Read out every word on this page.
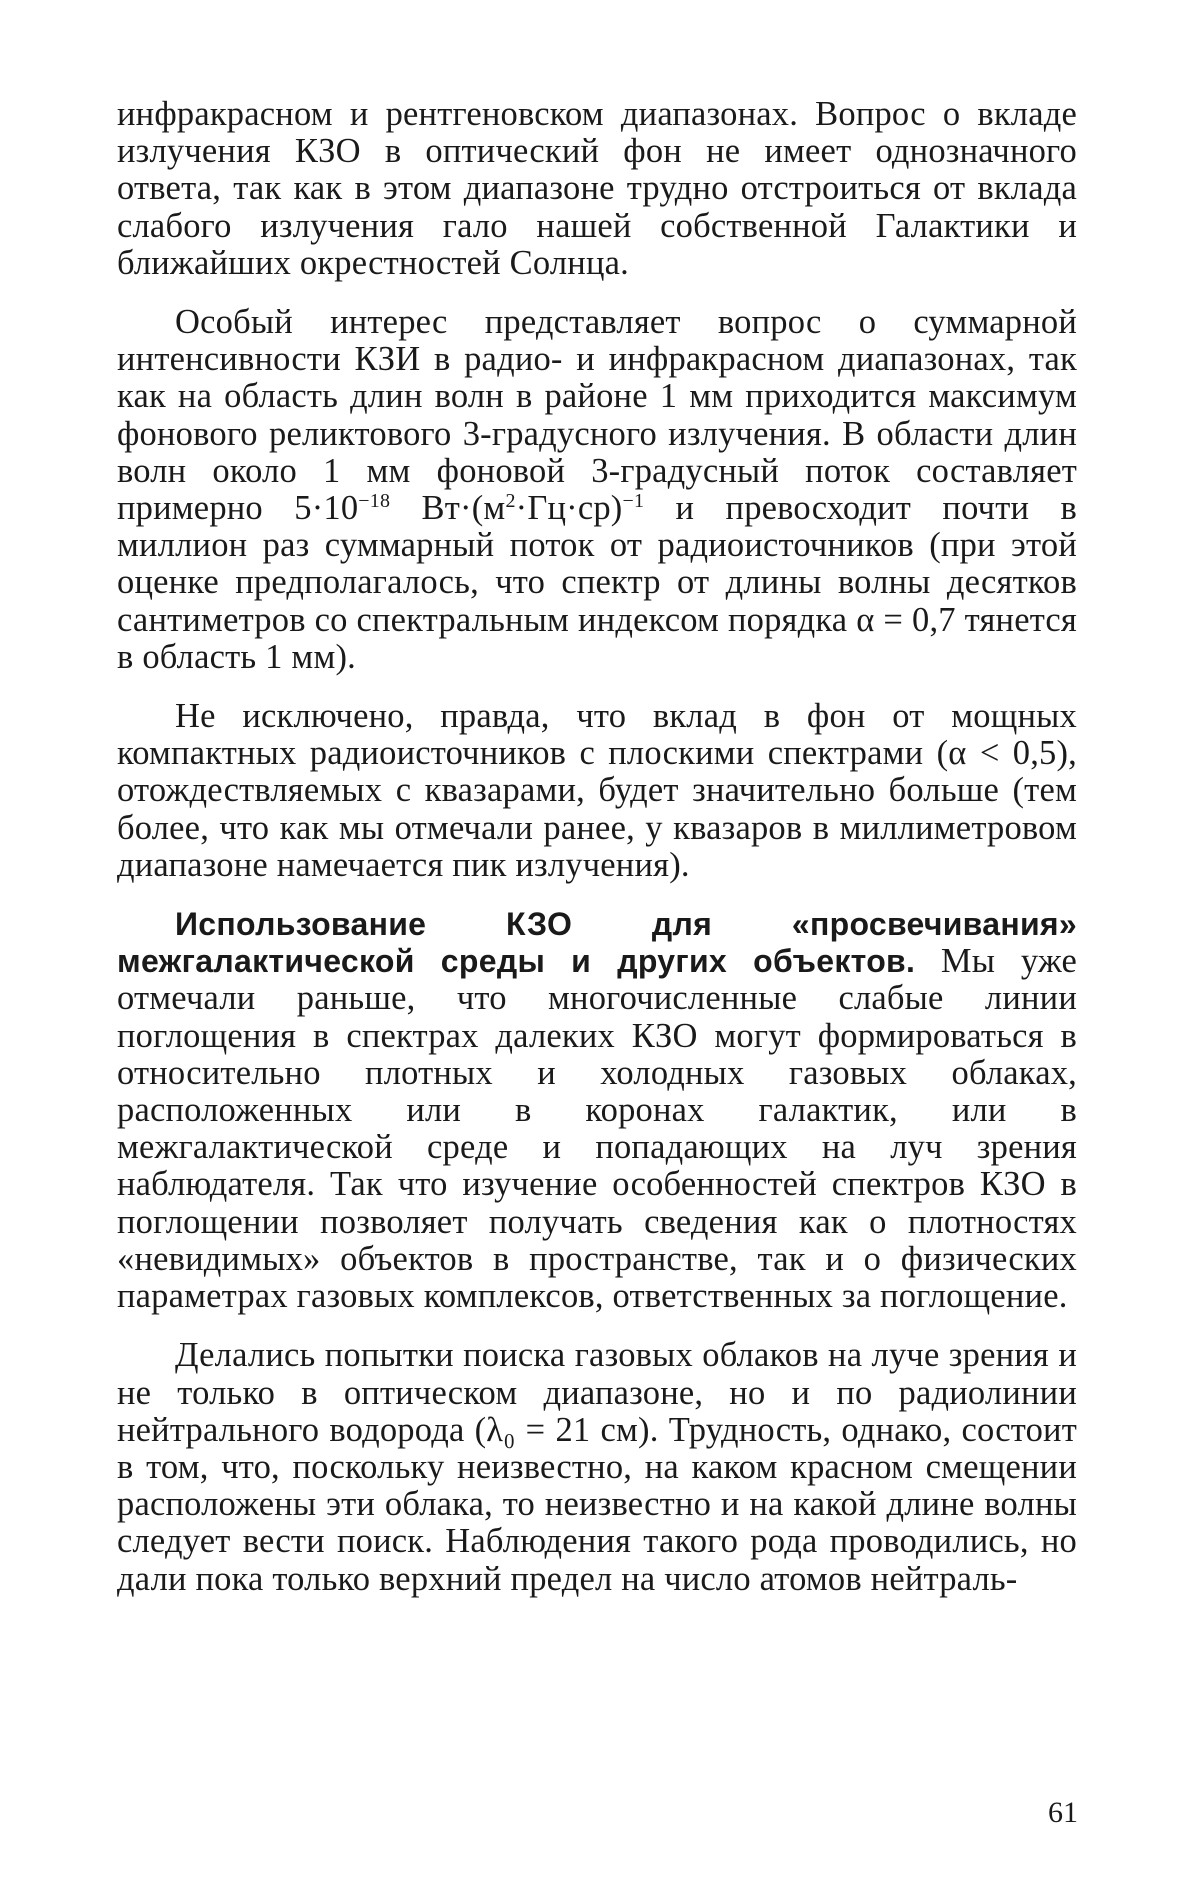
инфракрасном и рентгеновском диапазонах. Вопрос о вкладе излучения КЗО в оптический фон не имеет однозначного ответа, так как в этом диапазоне трудно отстроиться от вклада слабого излучения гало нашей собственной Галактики и ближайших окрестностей Солнца.

Особый интерес представляет вопрос о суммарной интенсивности КЗИ в радио- и инфракрасном диапазонах, так как на область длин волн в районе 1 мм приходится максимум фонового реликтового 3-градусного излучения. В области длин волн около 1 мм фоновой 3-градусный поток составляет примерно $5\cdot 10^{-18}$ $Вт\cdot(м^2\cdot Гц\cdot ср)^{-1}$ и превосходит почти в миллион раз суммарный поток от радиоисточников (при этой оценке предполагалось, что спектр от длины волны десятков сантиметров со спектральным индексом порядка α = 0,7 тянется в область 1 мм).

Не исключено, правда, что вклад в фон от мощных компактных радиоисточников с плоскими спектрами (α < 0,5), отождествляемых с квазарами, будет значительно больше (тем более, что как мы отмечали ранее, у квазаров в миллиметровом диапазоне намечается пик излучения).

Использование КЗО для «просвечивания» межгалактической среды и других объектов. Мы уже отмечали раньше, что многочисленные слабые линии поглощения в спектрах далеких КЗО могут формироваться в относительно плотных и холодных газовых облаках, расположенных или в коронах галактик, или в межгалактической среде и попадающих на луч зрения наблюдателя. Так что изучение особенностей спектров КЗО в поглощении позволяет получать сведения как о плотностях «невидимых» объектов в пространстве, так и о физических параметрах газовых комплексов, ответственных за поглощение.

Делались попытки поиска газовых облаков на луче зрения и не только в оптическом диапазоне, но и по радиолинии нейтрального водорода (λ₀ = 21 см). Трудность, однако, состоит в том, что, поскольку неизвестно, на каком красном смещении расположены эти облака, то неизвестно и на какой длине волны следует вести поиск. Наблюдения такого рода проводились, но дали пока только верхний предел на число атомов нейтраль-

61
